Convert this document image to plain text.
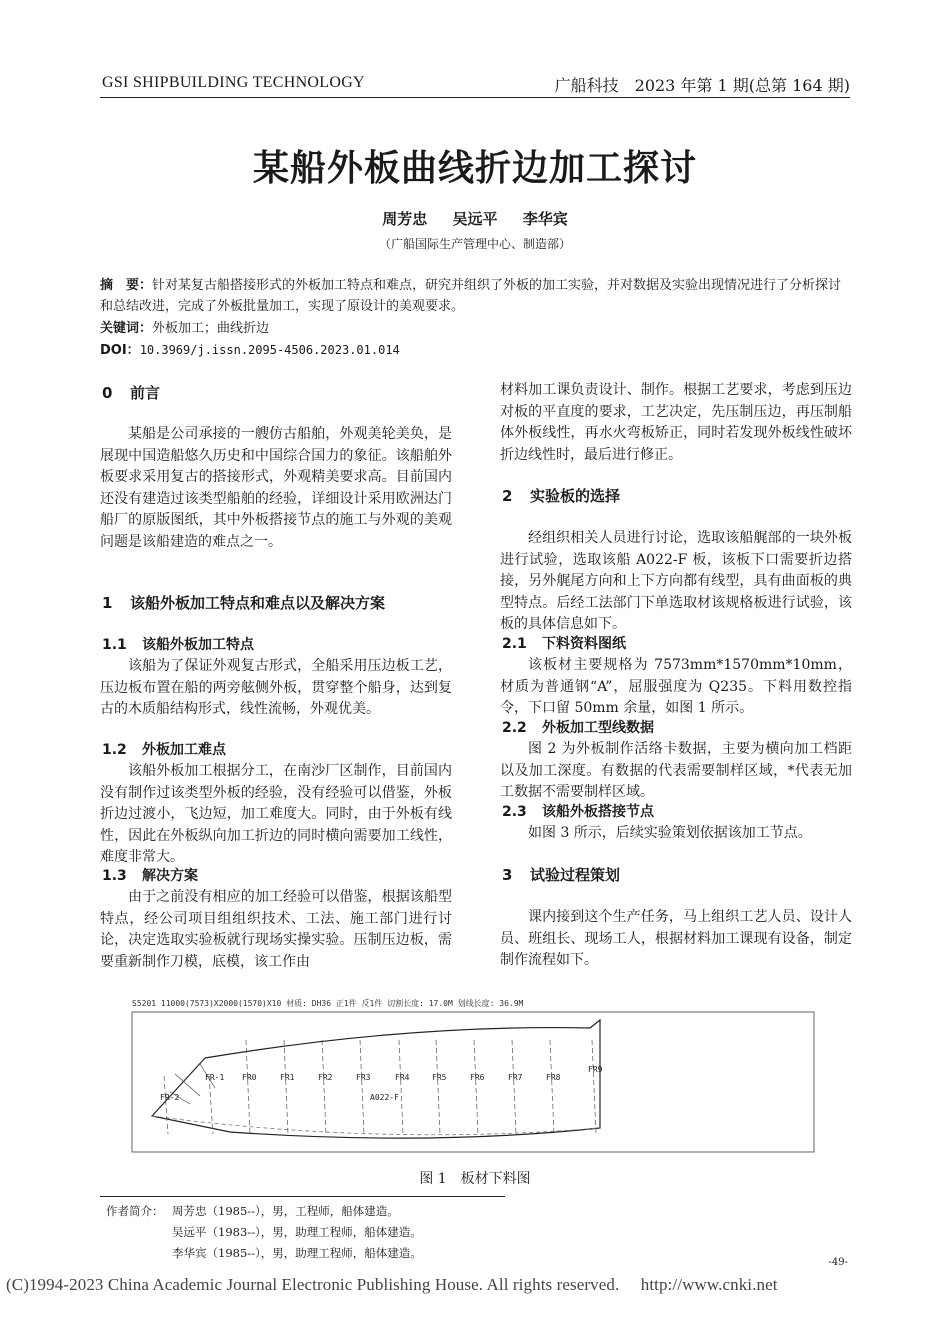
GSI SHIPBUILDING TECHNOLOGY	广船科技　2023 年第 1 期(总第 164 期)
某船外板曲线折边加工探讨
周芳忠 吴远平 李华宾
（广船国际生产管理中心、制造部）
摘　要：针对某复古船搭接形式的外板加工特点和难点，研究并组织了外板的加工实验，并对数据及实验出现情况进行了分析探讨和总结改进，完成了外板批量加工，实现了原设计的美观要求。
关键词：外板加工；曲线折边
DOI：10.3969/j.issn.2095-4506.2023.01.014
0 前言
某船是公司承接的一艘仿古船舶，外观美轮美奂，是展现中国造船悠久历史和中国综合国力的象征。该船舶外板要求采用复古的搭接形式，外观精美要求高。目前国内还没有建造过该类型船舶的经验，详细设计采用欧洲达门船厂的原版图纸，其中外板搭接节点的施工与外观的美观问题是该船建造的难点之一。
1 该船外板加工特点和难点以及解决方案
1.1 该船外板加工特点
该船为了保证外观复古形式，全船采用压边板工艺，压边板布置在船的两旁舷侧外板，贯穿整个船身，达到复古的木质船结构形式，线性流畅，外观优美。
1.2 外板加工难点
该船外板加工根据分工，在南沙厂区制作，目前国内没有制作过该类型外板的经验，没有经验可以借鉴，外板折边过渡小，飞边短，加工难度大。同时，由于外板有线性，因此在外板纵向加工折边的同时横向需要加工线性，难度非常大。
1.3 解决方案
由于之前没有相应的加工经验可以借鉴，根据该船型特点，经公司项目组组织技术、工法、施工部门进行讨论，决定选取实验板就行现场实操实验。压制压边板，需要重新制作刀模，底模，该工作由
材料加工课负责设计、制作。根据工艺要求，考虑到压边对板的平直度的要求，工艺决定，先压制压边，再压制船体外板线性，再水火弯板矫正，同时若发现外板线性破坏折边线性时，最后进行修正。
2 实验板的选择
经组织相关人员进行讨论，选取该船艉部的一块外板进行试验，选取该船 A022-F 板，该板下口需要折边搭接，另外艉尾方向和上下方向都有线型，具有曲面板的典型特点。后经工法部门下单选取材该规格板进行试验，该板的具体信息如下。
2.1 下料资料图纸
该板材主要规格为 7573mm*1570mm*10mm，材质为普通钢“A”，屈服强度为 Q235。下料用数控指令，下口留 50mm 余量，如图 1 所示。
2.2 外板加工型线数据
图 2 为外板制作活络卡数据，主要为横向加工档距以及加工深度。有数据的代表需要制样区域，*代表无加工数据不需要制样区域。
2.3 该船外板搭接节点
如图 3 所示，后续实验策划依据该加工节点。
3 试验过程策划
课内接到这个生产任务，马上组织工艺人员、设计人员、班组长、现场工人，根据材料加工课现有设备，制定制作流程如下。
S5201 11000(7573)X2000(1570)X10 材质: DH36 正1件 反1件 切割长度: 17.0M 划线长度: 36.9M
FR-2
FR-1 FR0	FR1	FR2	FR3	FR4	FR5	FR6	FR7	FR8
FR9
A022-F
图 1　板材下料图
作者简介： 周芳忠（1985--），男，工程师，船体建造。
吴远平（1983--），男，助理工程师，船体建造。
李华宾（1985--），男，助理工程师，船体建造。
-49-
(C)1994-2023 China Academic Journal Electronic Publishing House. All rights reserved.　 http://www.cnki.net
